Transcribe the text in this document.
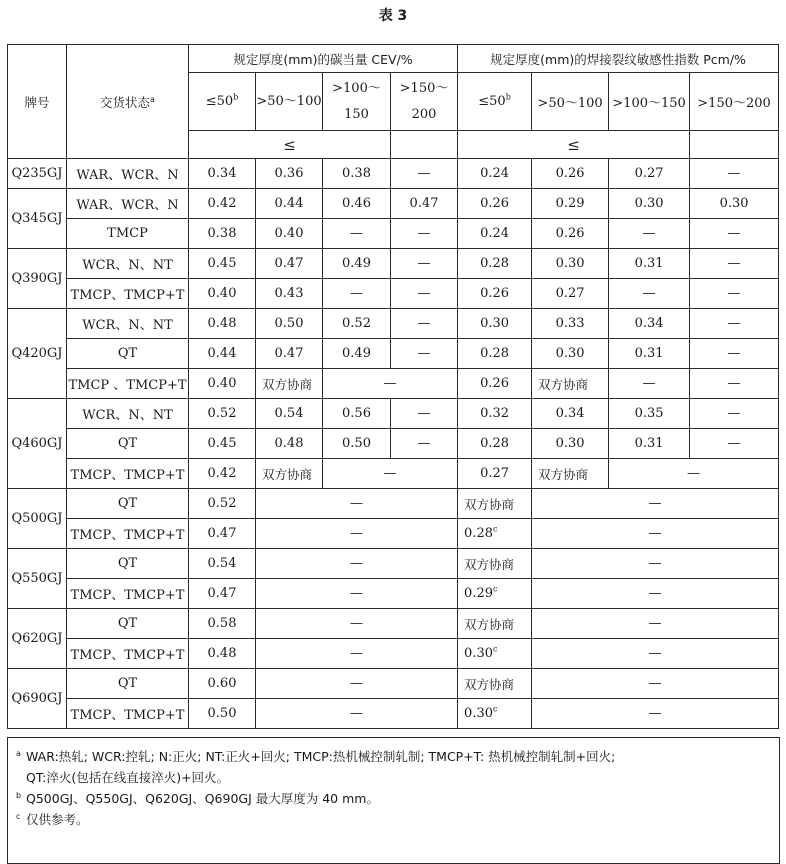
表 3
牌号	交货状态$^a$	规定厚度(mm)的碳当量 CEV/%				规定厚度(mm)的焊接裂纹敏感性指数 Pcm/%			
		$\le 50^b$	>50～100	>100～150	>150～200	$\le 50^b$	>50～100	>100～150	>150～200
		≤				≤			
Q235GJ	WAR、WCR、N	0.34	0.36	0.38	—	0.24	0.26	0.27	—
Q345GJ	WAR、WCR、N	0.42	0.44	0.46	0.47	0.26	0.29	0.30	0.30
	TMCP	0.38	0.40	—	—	0.24	0.26	—	—
Q390GJ	WCR、N、NT	0.45	0.47	0.49	—	0.28	0.30	0.31	—
	TMCP、TMCP+T	0.40	0.43	—	—	0.26	0.27	—	—
Q420GJ	WCR、N、NT	0.48	0.50	0.52	—	0.30	0.33	0.34	—
	QT	0.44	0.47	0.49	—	0.28	0.30	0.31	—
	TMCP 、TMCP+T	0.40	双方协商	—		0.26	双方协商	—	—
Q460GJ	WCR、N、NT	0.52	0.54	0.56	—	0.32	0.34	0.35	—
	QT	0.45	0.48	0.50	—	0.28	0.30	0.31	—
	TMCP、TMCP+T	0.42	双方协商	—		0.27	双方协商	—	
Q500GJ	QT	0.52	—			双方协商	—		
	TMCP、TMCP+T	0.47	—			0.28$^c$	—		
Q550GJ	QT	0.54	—			双方协商	—		
	TMCP、TMCP+T	0.47	—			0.29$^c$	—		
Q620GJ	QT	0.58	—			双方协商	—		
	TMCP、TMCP+T	0.48	—			0.30$^c$	—		
Q690GJ	QT	0.60	—			双方协商	—		
	TMCP、TMCP+T	0.50	—			0.30$^c$	—		
a WAR:热轧; WCR:控轧; N:正火; NT:正火+回火; TMCP:热机械控制轧制; TMCP+T: 热机械控制轧制+回火;
QT:淬火(包括在线直接淬火)+回火。
b Q500GJ、Q550GJ、Q620GJ、Q690GJ 最大厚度为 40 mm。
c 仅供参考。
